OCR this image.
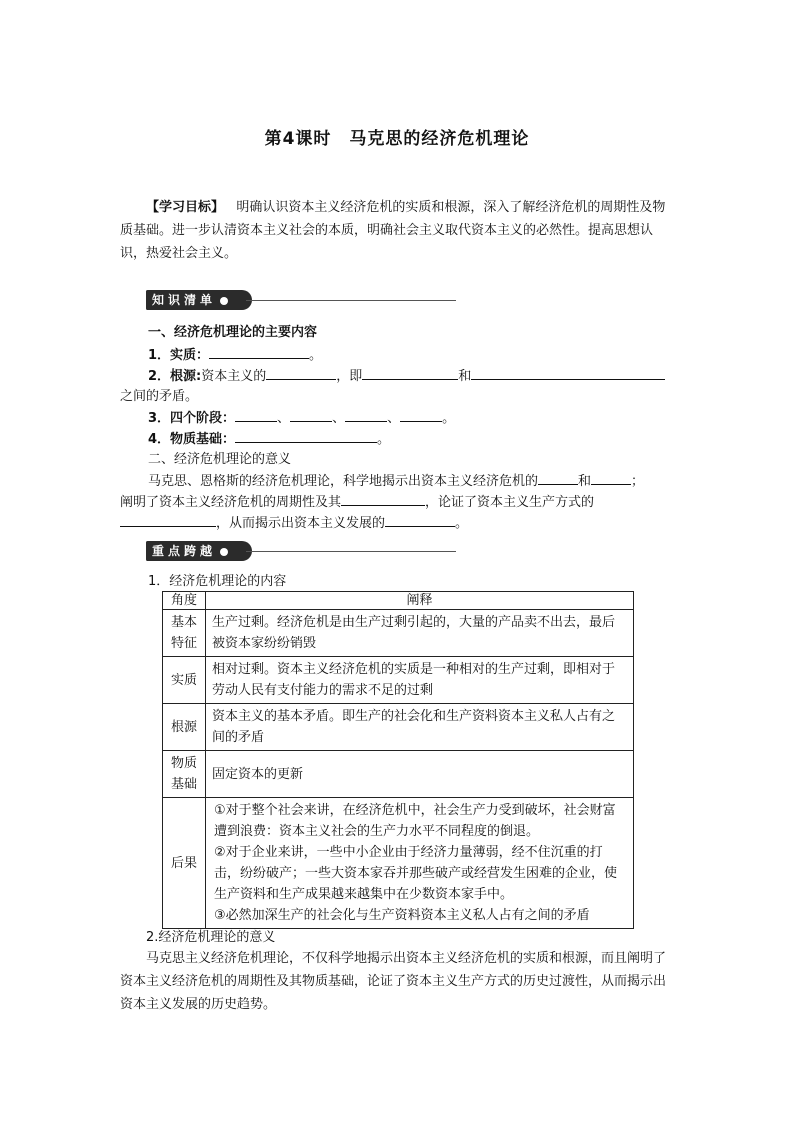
第4课时 马克思的经济危机理论
【学习目标】 明确认识资本主义经济危机的实质和根源，深入了解经济危机的周期性及物质基础。进一步认清资本主义社会的本质，明确社会主义取代资本主义的必然性。提高思想认识，热爱社会主义。
知识清单
一、经济危机理论的主要内容
1．实质：	。
2．根源:资本主义的	，即	和
之间的矛盾。
3．四个阶段：	、	、	、	。
4．物质基础：	。
二、经济危机理论的意义
马克思、恩格斯的经济危机理论，科学地揭示出资本主义经济危机的	和	；
阐明了资本主义经济危机的周期性及其	，论证了资本主义生产方式的
，从而揭示出资本主义发展的	。
重点跨越
1．经济危机理论的内容
角度	阐释
基本特征	生产过剩。经济危机是由生产过剩引起的，大量的产品卖不出去，最后被资本家纷纷销毁
实质	相对过剩。资本主义经济危机的实质是一种相对的生产过剩，即相对于劳动人民有支付能力的需求不足的过剩
根源	资本主义的基本矛盾。即生产的社会化和生产资料资本主义私人占有之间的矛盾
物质基础	固定资本的更新
后果	①对于整个社会来讲，在经济危机中，社会生产力受到破坏，社会财富遭到浪费：资本主义社会的生产力水平不同程度的倒退。
②对于企业来讲，一些中小企业由于经济力量薄弱，经不住沉重的打击，纷纷破产；一些大资本家吞并那些破产或经营发生困难的企业，使生产资料和生产成果越来越集中在少数资本家手中。
③必然加深生产的社会化与生产资料资本主义私人占有之间的矛盾
2.经济危机理论的意义
马克思主义经济危机理论，不仅科学地揭示出资本主义经济危机的实质和根源，而且阐明了资本主义经济危机的周期性及其物质基础，论证了资本主义生产方式的历史过渡性，从而揭示出资本主义发展的历史趋势。
